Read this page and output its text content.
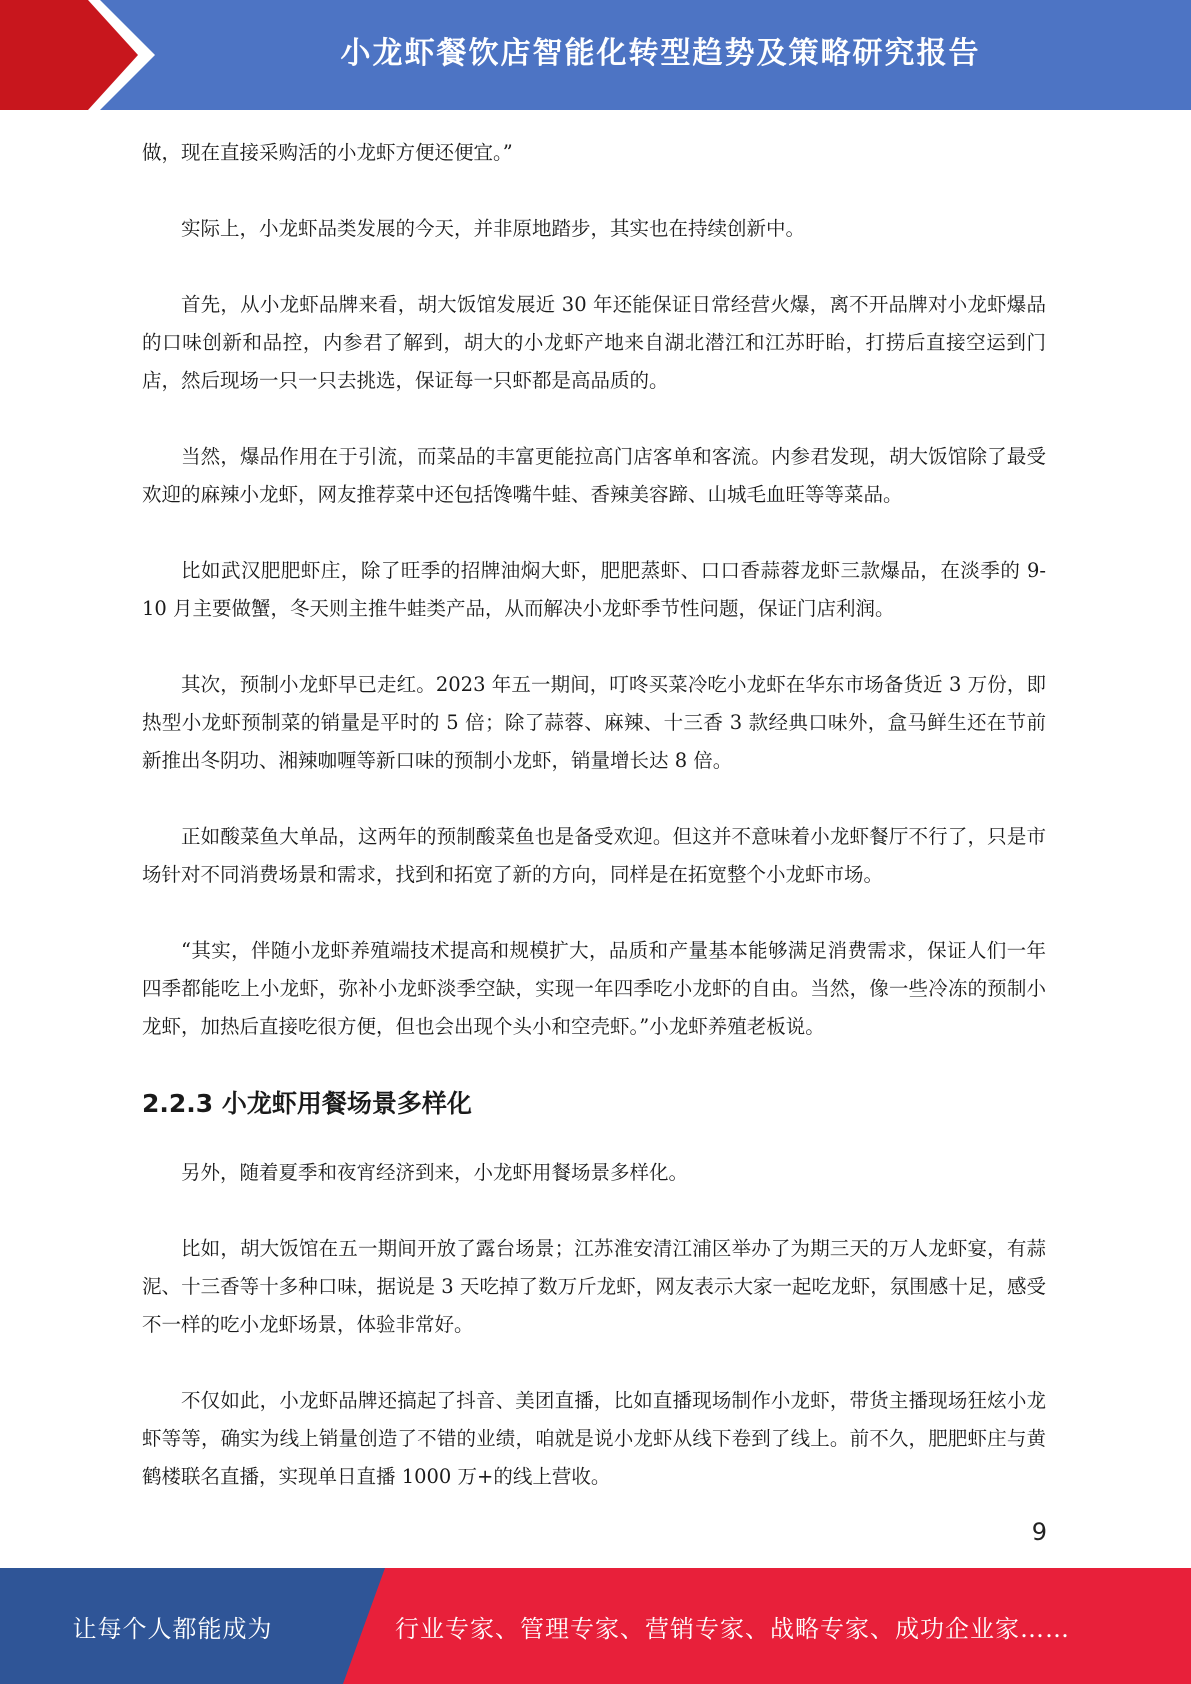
小龙虾餐饮店智能化转型趋势及策略研究报告

做，现在直接采购活的小龙虾方便还便宜。”

实际上，小龙虾品类发展的今天，并非原地踏步，其实也在持续创新中。

首先，从小龙虾品牌来看，胡大饭馆发展近 30 年还能保证日常经营火爆，离不开品牌对小龙虾爆品的口味创新和品控，内参君了解到，胡大的小龙虾产地来自湖北潜江和江苏盱眙，打捞后直接空运到门店，然后现场一只一只去挑选，保证每一只虾都是高品质的。

当然，爆品作用在于引流，而菜品的丰富更能拉高门店客单和客流。内参君发现，胡大饭馆除了最受欢迎的麻辣小龙虾，网友推荐菜中还包括馋嘴牛蛙、香辣美容蹄、山城毛血旺等等菜品。

比如武汉肥肥虾庄，除了旺季的招牌油焖大虾，肥肥蒸虾、口口香蒜蓉龙虾三款爆品，在淡季的 9-10 月主要做蟹，冬天则主推牛蛙类产品，从而解决小龙虾季节性问题，保证门店利润。

其次，预制小龙虾早已走红。2023 年五一期间，叮咚买菜冷吃小龙虾在华东市场备货近 3 万份，即热型小龙虾预制菜的销量是平时的 5 倍；除了蒜蓉、麻辣、十三香 3 款经典口味外，盒马鲜生还在节前新推出冬阴功、湘辣咖喱等新口味的预制小龙虾，销量增长达 8 倍。

正如酸菜鱼大单品，这两年的预制酸菜鱼也是备受欢迎。但这并不意味着小龙虾餐厅不行了，只是市场针对不同消费场景和需求，找到和拓宽了新的方向，同样是在拓宽整个小龙虾市场。

“其实，伴随小龙虾养殖端技术提高和规模扩大，品质和产量基本能够满足消费需求，保证人们一年四季都能吃上小龙虾，弥补小龙虾淡季空缺，实现一年四季吃小龙虾的自由。当然，像一些冷冻的预制小龙虾，加热后直接吃很方便，但也会出现个头小和空壳虾。”小龙虾养殖老板说。

2.2.3 小龙虾用餐场景多样化

另外，随着夏季和夜宵经济到来，小龙虾用餐场景多样化。

比如，胡大饭馆在五一期间开放了露台场景；江苏淮安清江浦区举办了为期三天的万人龙虾宴，有蒜泥、十三香等十多种口味，据说是 3 天吃掉了数万斤龙虾，网友表示大家一起吃龙虾，氛围感十足，感受不一样的吃小龙虾场景，体验非常好。

不仅如此，小龙虾品牌还搞起了抖音、美团直播，比如直播现场制作小龙虾，带货主播现场狂炫小龙虾等等，确实为线上销量创造了不错的业绩，咱就是说小龙虾从线下卷到了线上。前不久，肥肥虾庄与黄鹤楼联名直播，实现单日直播 1000 万+的线上营收。

9
让每个人都能成为	行业专家、管理专家、营销专家、战略专家、成功企业家……
